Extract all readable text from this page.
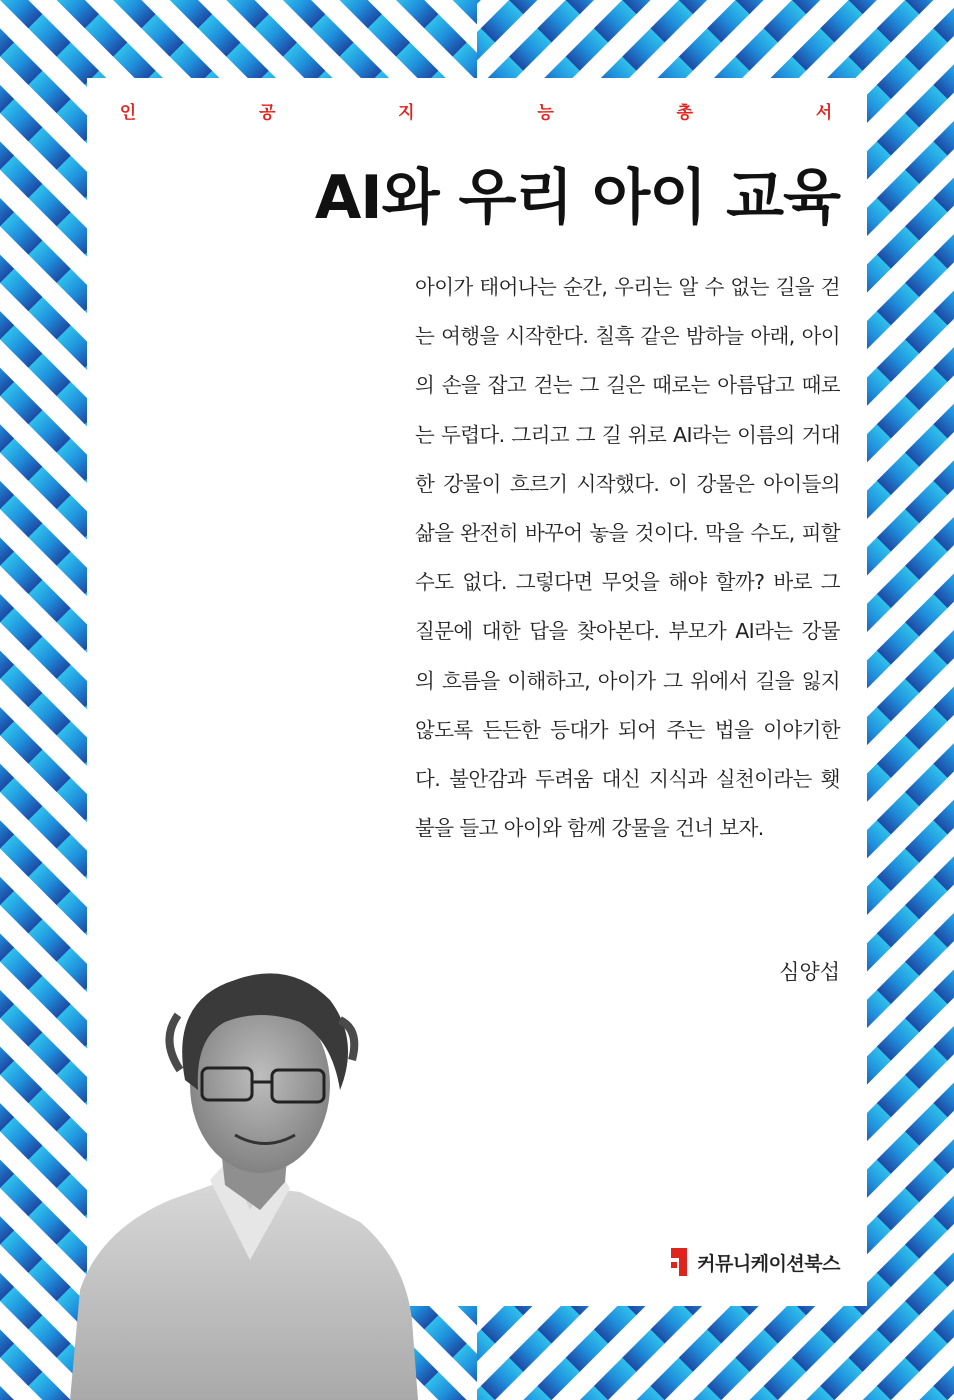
인	공	지	능	총	서
AI와 우리 아이 교육

아이가 태어나는 순간, 우리는 알 수 없는 길을 걷는 여행을 시작한다. 칠흑 같은 밤하늘 아래, 아이의 손을 잡고 걷는 그 길은 때로는 아름답고 때로는 두렵다. 그리고 그 길 위로 AI라는 이름의 거대한 강물이 흐르기 시작했다. 이 강물은 아이들의 삶을 완전히 바꾸어 놓을 것이다. 막을 수도, 피할 수도 없다. 그렇다면 무엇을 해야 할까? 바로 그 질문에 대한 답을 찾아본다. 부모가 AI라는 강물의 흐름을 이해하고, 아이가 그 위에서 길을 잃지 않도록 든든한 등대가 되어 주는 법을 이야기한다. 불안감과 두려움 대신 지식과 실천이라는 횃불을 들고 아이와 함께 강물을 건너 보자.

심양섭
커뮤니케이션북스
